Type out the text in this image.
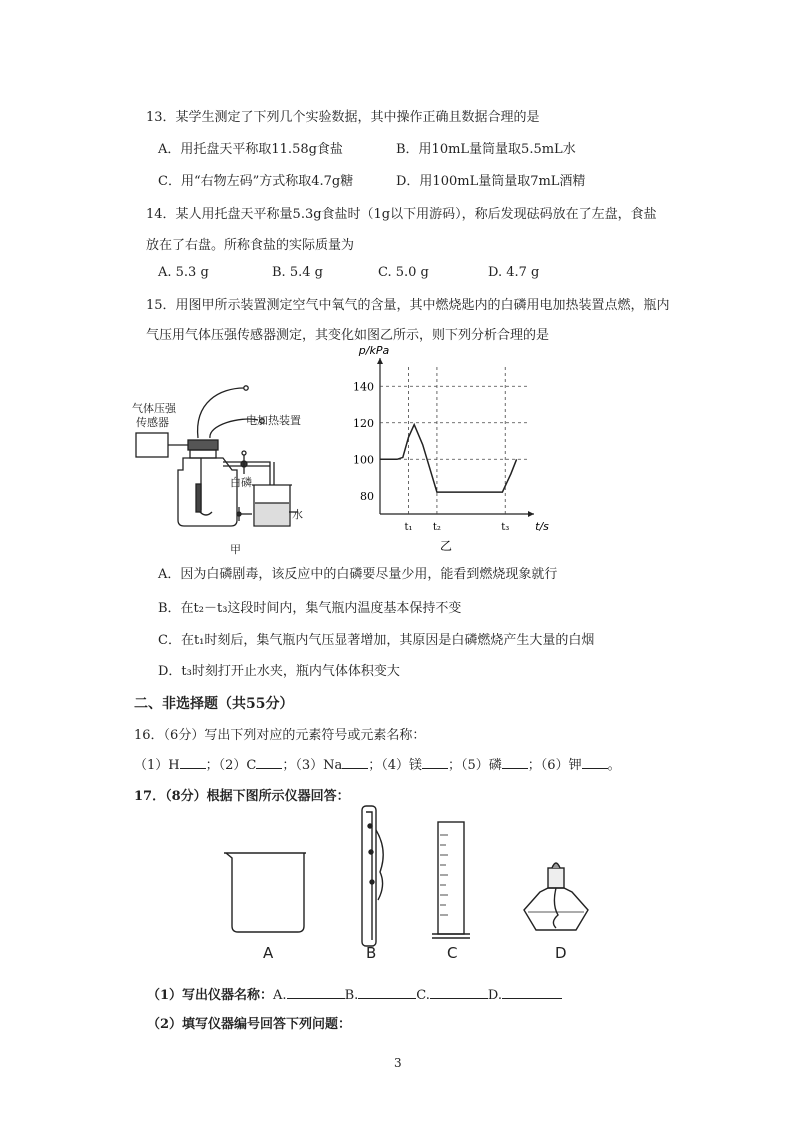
13．某学生测定了下列几个实验数据，其中操作正确且数据合理的是
A．用托盘天平称取11.58g食盐	B．用10mL量筒量取5.5mL水
C．用“右物左码”方式称取4.7g糖	D．用100mL量筒量取7mL酒精
14．某人用托盘天平称量5.3g食盐时（1g以下用游码），称后发现砝码放在了左盘，食盐
放在了右盘。所称食盐的实际质量为
A. 5.3 g	B. 5.4 g	C. 5.0 g	D. 4.7 g
15．用图甲所示装置测定空气中氧气的含量，其中燃烧匙内的白磷用电加热装置点燃，瓶内
气压用气体压强传感器测定，其变化如图乙所示，则下列分析合理的是
气体压强
传感器	电加热装置
白磷
水
甲
140
120
100
80
t₁ t₂	t₃
p/kPa
t/s
乙
A．因为白磷剧毒，该反应中的白磷要尽量少用，能看到燃烧现象就行
B．在t₂－t₃这段时间内，集气瓶内温度基本保持不变
C．在t₁时刻后，集气瓶内气压显著增加，其原因是白磷燃烧产生大量的白烟
D．t₃时刻打开止水夹，瓶内气体体积变大
二、非选择题（共55分）
16．（6分）写出下列对应的元素符号或元素名称：
（1）H ；（2）C ；（3）Na ；（4）镁 ；（5）磷 ；（6）钾 。
17．（8分）根据下图所示仪器回答：
A	B	C	D
（1）写出仪器名称：A.	B.	C.	D.
（2）填写仪器编号回答下列问题：
3
